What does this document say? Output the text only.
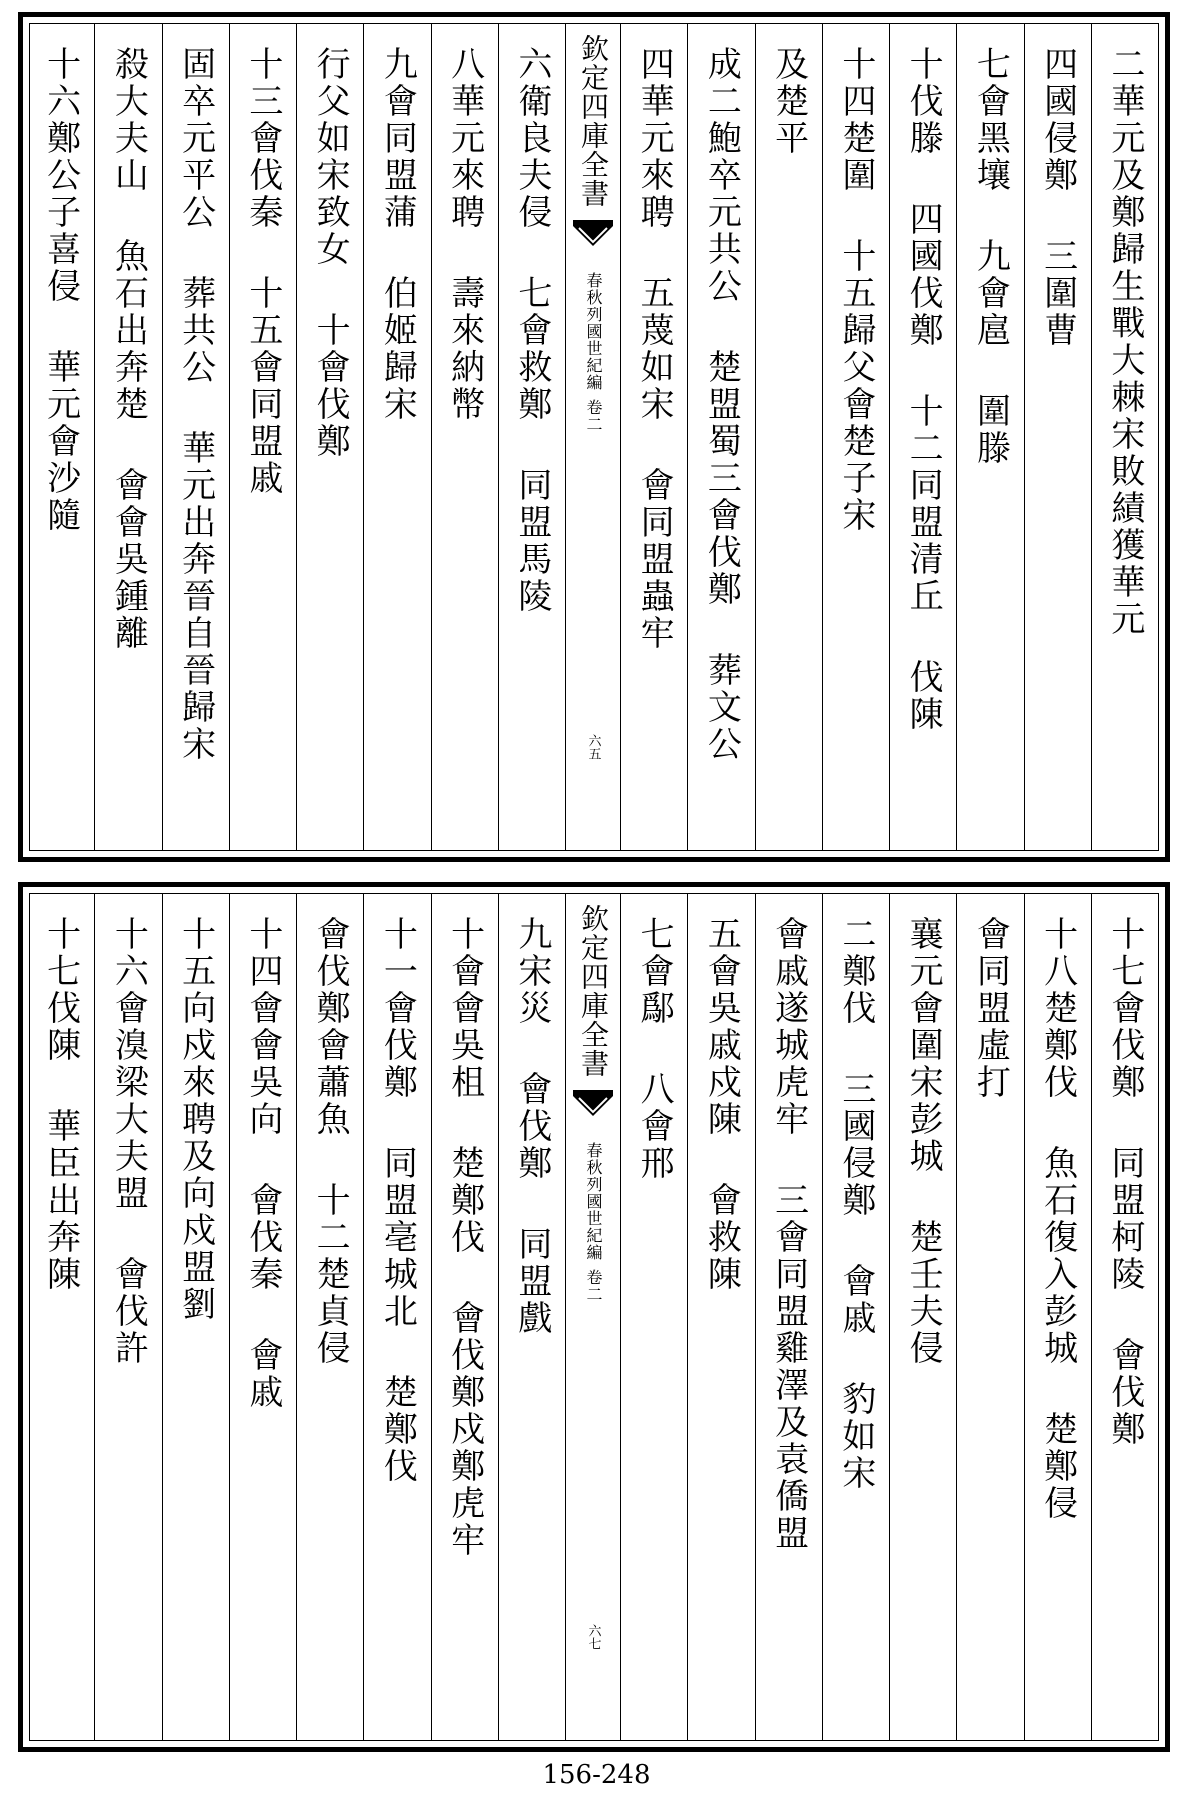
二華元及鄭歸生戰大棘宋敗績獲華元
四國侵鄭
三圍曹
七會黑壤
九會扈
圍滕
十伐滕
四國伐鄭
十二同盟清丘
伐陳
十四楚圍
十五歸父會楚子宋
及楚平
成二鮑卒元共公
楚盟蜀三會伐鄭
葬文公
四華元來聘
五蔑如宋
會同盟蟲牢
欽定四庫全書
春秋列國世紀編
卷二
六五
六衛良夫侵
七會救鄭
同盟馬陵
八華元來聘
壽來納幣
九會同盟蒲
伯姬歸宋
行父如宋致女
十會伐鄭
十三會伐秦
十五會同盟戚
固卒元平公
葬共公
華元出奔晉自晉歸宋
殺大夫山
魚石出奔楚
會會吳鍾離
十六鄭公子喜侵
華元會沙隨
十七會伐鄭
同盟柯陵
會伐鄭
十八楚鄭伐
魚石復入彭城
楚鄭侵
會同盟虛打
襄元會圍宋彭城
楚壬夫侵
二鄭伐
三國侵鄭
會戚
豹如宋
會戚遂城虎牢
三會同盟雞澤及袁僑盟
五會吳戚戍陳
會救陳
七會鄬
八會邢
欽定四庫全書
春秋列國世紀編
卷二
六七
九宋災
會伐鄭
同盟戲
十會會吳柤
楚鄭伐
會伐鄭戍鄭虎牢
十一會伐鄭
同盟亳城北
楚鄭伐
會伐鄭會蕭魚
十二楚貞侵
十四會會吳向
會伐秦
會戚
十五向戍來聘及向戍盟劉
十六會溴梁大夫盟
會伐許
十七伐陳
華臣出奔陳
156-248
